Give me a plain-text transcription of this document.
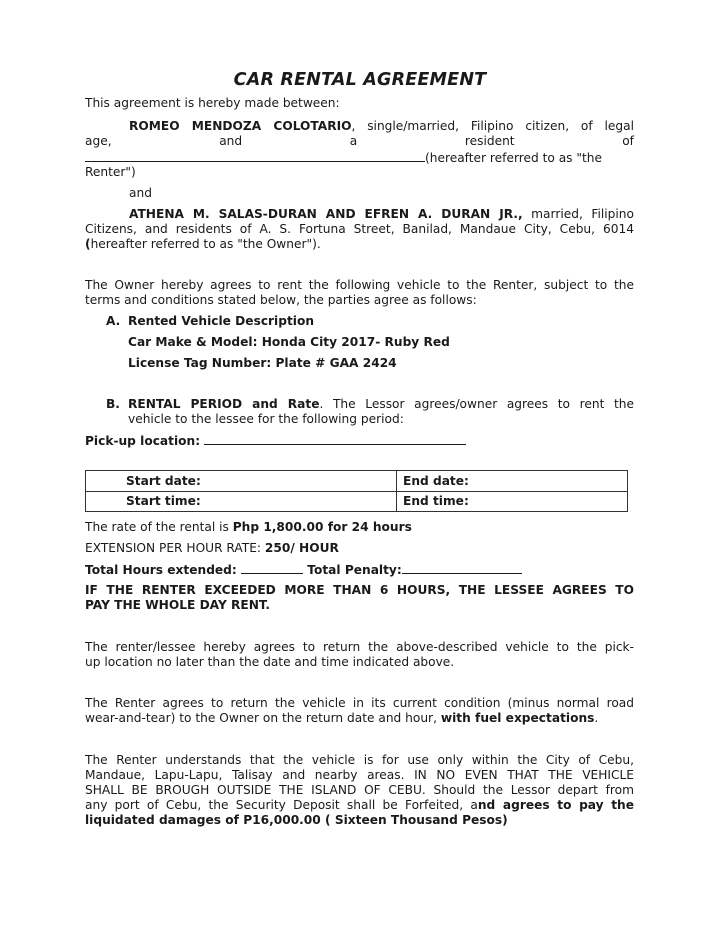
CAR RENTAL AGREEMENT
This agreement is hereby made between:
ROMEO MENDOZA COLOTARIO, single/married, Filipino citizen, of legal
age,	and	a	resident	of
(hereafter referred to as "the
Renter")
and
ATHENA M. SALAS-DURAN AND EFREN A. DURAN JR., married, Filipino
Citizens, and residents of A. S. Fortuna Street, Banilad, Mandaue City, Cebu, 6014
(hereafter referred to as "the Owner").
The Owner hereby agrees to rent the following vehicle to the Renter, subject to the
terms and conditions stated below, the parties agree as follows:
A. Rented Vehicle Description
Car Make & Model: Honda City 2017- Ruby Red
License Tag Number: Plate # GAA 2424
B. RENTAL PERIOD and Rate. The Lessor agrees/owner agrees to rent the
vehicle to the lessee for the following period:
Pick-up location:
Start date:	End date:
Start time:	End time:
The rate of the rental is Php 1,800.00 for 24 hours
EXTENSION PER HOUR RATE: 250/ HOUR
Total Hours extended:	Total Penalty:
IF THE RENTER EXCEEDED MORE THAN 6 HOURS, THE LESSEE AGREES TO
PAY THE WHOLE DAY RENT.
The renter/lessee hereby agrees to return the above-described vehicle to the pick-
up location no later than the date and time indicated above.
The Renter agrees to return the vehicle in its current condition (minus normal road
wear-and-tear) to the Owner on the return date and hour, with fuel expectations.
The Renter understands that the vehicle is for use only within the City of Cebu,
Mandaue, Lapu-Lapu, Talisay and nearby areas. IN NO EVEN THAT THE VEHICLE
SHALL BE BROUGH OUTSIDE THE ISLAND OF CEBU. Should the Lessor depart from
any port of Cebu, the Security Deposit shall be Forfeited, and agrees to pay the
liquidated damages of P16,000.00 ( Sixteen Thousand Pesos)
